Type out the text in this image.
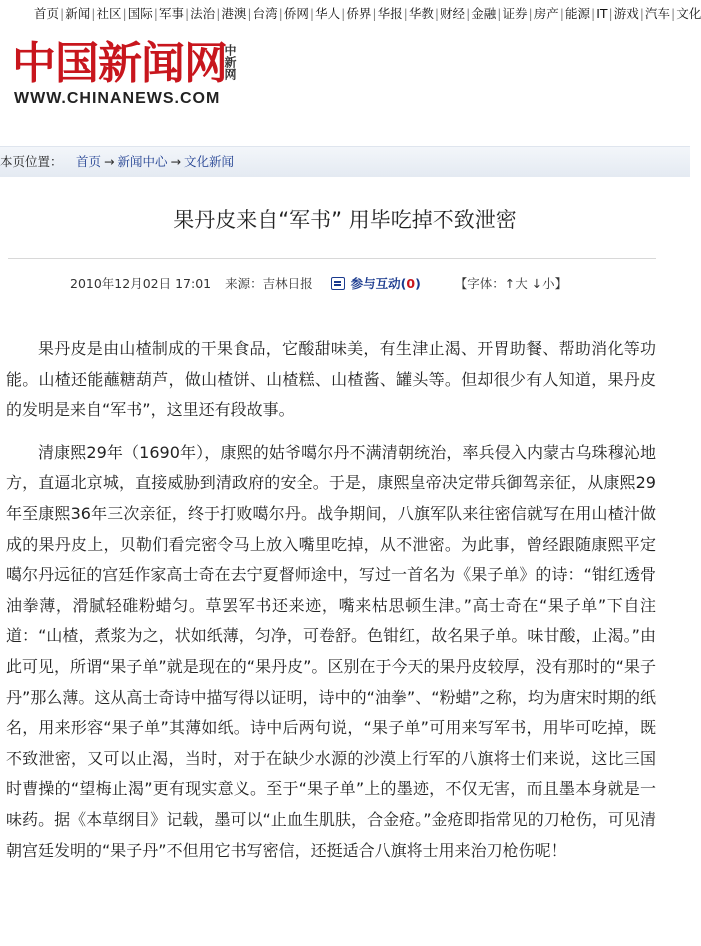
首页|新闻|社区|国际|军事|法治|港澳|台湾|侨网|华人|侨界|华报|华教|财经|金融|证券|房产|能源|IT|游戏|汽车|文化
中国新闻网
中新网
WWW.CHINANEWS.COM
本页位置： 首页 → 新闻中心 → 文化新闻
果丹皮来自“军书” 用毕吃掉不致泄密
2010年12月02日 17:01 来源：吉林日报	参与互动(0)	【字体：↑大 ↓小】

果丹皮是由山楂制成的干果食品，它酸甜味美，有生津止渴、开胃助餐、帮助消化等功能。山楂还能蘸糖葫芦，做山楂饼、山楂糕、山楂酱、罐头等。但却很少有人知道，果丹皮的发明是来自“军书”，这里还有段故事。

清康熙29年（1690年），康熙的姑爷噶尔丹不满清朝统治，率兵侵入内蒙古乌珠穆沁地方，直逼北京城，直接威胁到清政府的安全。于是，康熙皇帝决定带兵御驾亲征，从康熙29年至康熙36年三次亲征，终于打败噶尔丹。战争期间，八旗军队来往密信就写在用山楂汁做成的果丹皮上，贝勒们看完密令马上放入嘴里吃掉，从不泄密。为此事，曾经跟随康熙平定噶尔丹远征的宫廷作家高士奇在去宁夏督师途中，写过一首名为《果子单》的诗：“钳红透骨油拳薄，滑腻轻碓粉蜡匀。草罢军书还来迹，嘴来枯思顿生津。”高士奇在“果子单”下自注道：“山楂，煮浆为之，状如纸薄，匀净，可卷舒。色钳红，故名果子单。味甘酸，止渴。”由此可见，所谓“果子单”就是现在的“果丹皮”。区别在于今天的果丹皮较厚，没有那时的“果子丹”那么薄。这从高士奇诗中描写得以证明，诗中的“油拳”、“粉蜡”之称，均为唐宋时期的纸名，用来形容“果子单”其薄如纸。诗中后两句说，“果子单”可用来写军书，用毕可吃掉，既不致泄密，又可以止渴，当时，对于在缺少水源的沙漠上行军的八旗将士们来说，这比三国时曹操的“望梅止渴”更有现实意义。至于“果子单”上的墨迹，不仅无害，而且墨本身就是一味药。据《本草纲目》记载，墨可以“止血生肌肤，合金疮。”金疮即指常见的刀枪伤，可见清朝宫廷发明的“果子丹”不但用它书写密信，还挺适合八旗将士用来治刀枪伤呢！
